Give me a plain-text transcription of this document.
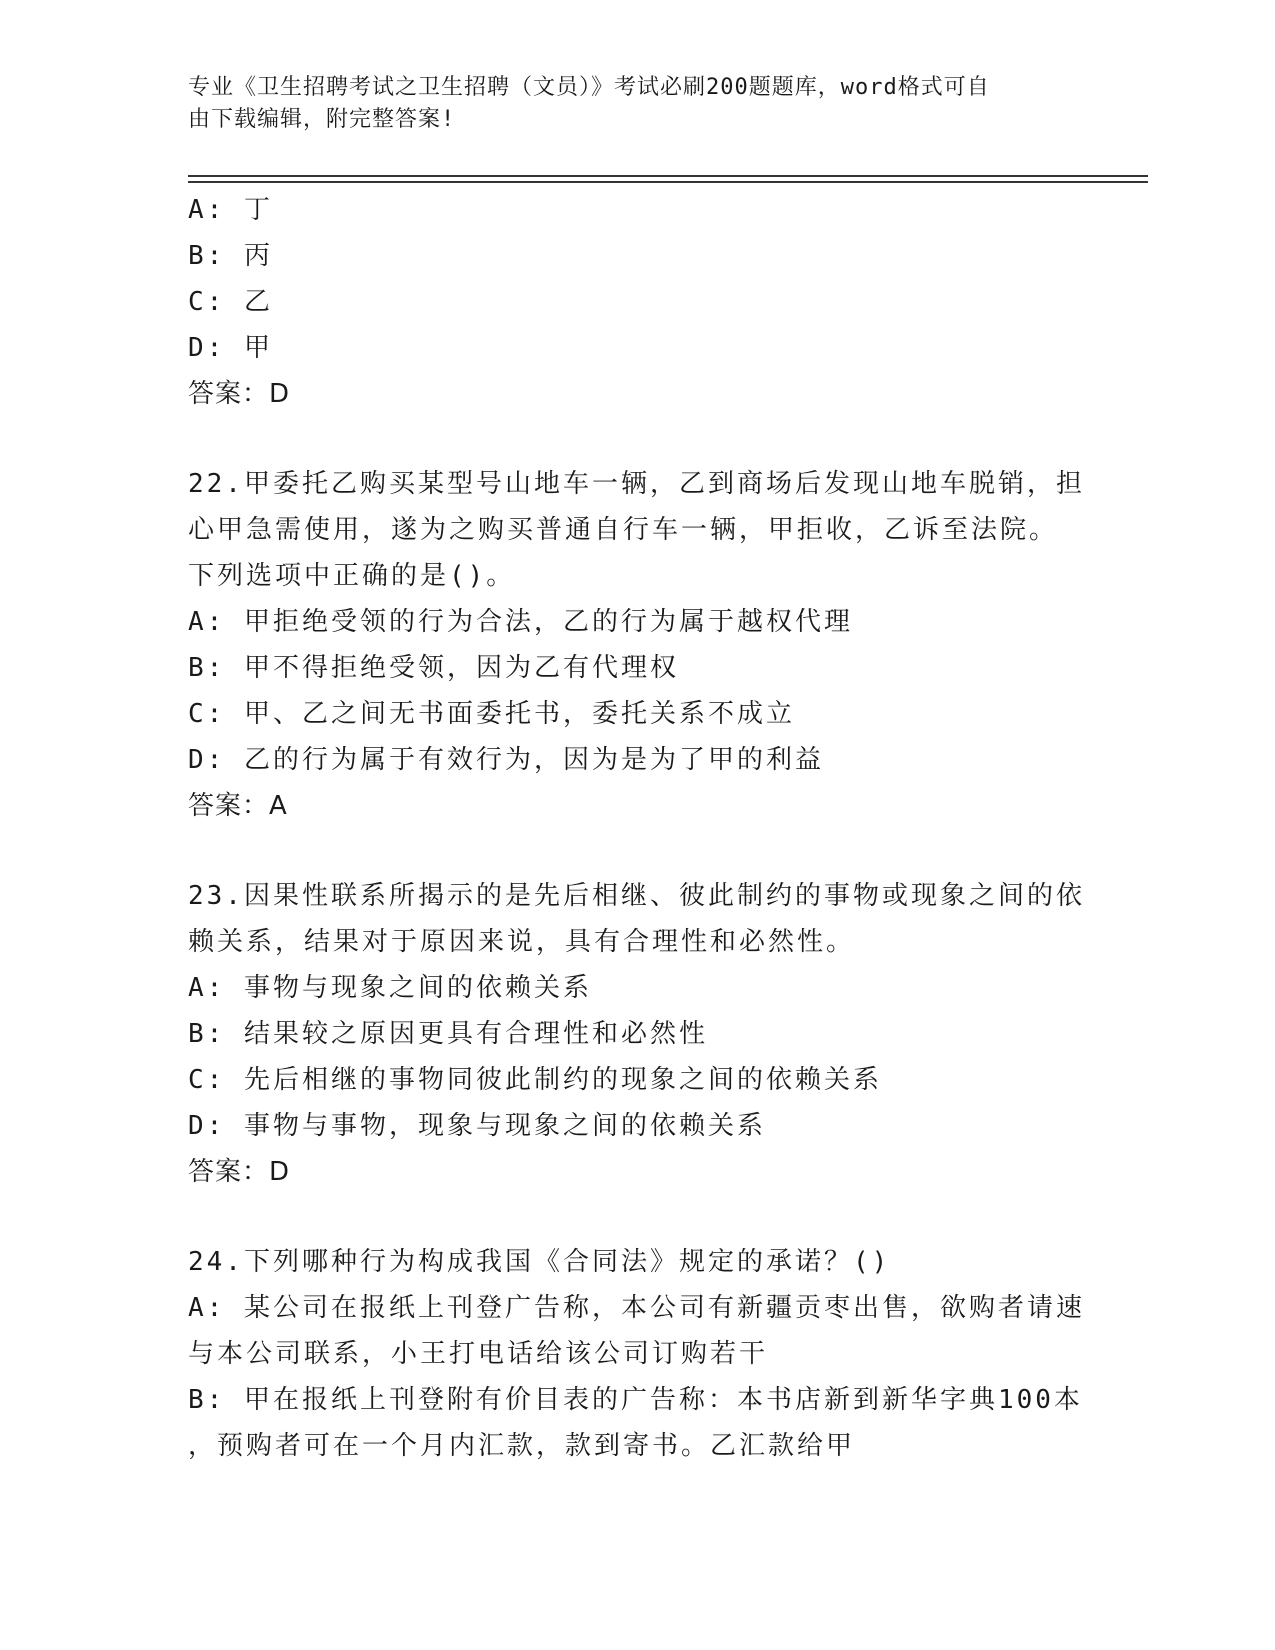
专业《卫生招聘考试之卫生招聘（文员）》考试必刷200题题库，word格式可自
由下载编辑，附完整答案!
A: 丁
B: 丙
C: 乙
D: 甲
答案：D
22.甲委托乙购买某型号山地车一辆，乙到商场后发现山地车脱销，担
心甲急需使用，遂为之购买普通自行车一辆，甲拒收，乙诉至法院。
下列选项中正确的是()。
A: 甲拒绝受领的行为合法，乙的行为属于越权代理
B: 甲不得拒绝受领，因为乙有代理权
C: 甲、乙之间无书面委托书，委托关系不成立
D: 乙的行为属于有效行为，因为是为了甲的利益
答案：A
23.因果性联系所揭示的是先后相继、彼此制约的事物或现象之间的依
赖关系，结果对于原因来说，具有合理性和必然性。
A: 事物与现象之间的依赖关系
B: 结果较之原因更具有合理性和必然性
C: 先后相继的事物同彼此制约的现象之间的依赖关系
D: 事物与事物，现象与现象之间的依赖关系
答案：D
24.下列哪种行为构成我国《合同法》规定的承诺？()
A: 某公司在报纸上刊登广告称，本公司有新疆贡枣出售，欲购者请速
与本公司联系，小王打电话给该公司订购若干
B: 甲在报纸上刊登附有价目表的广告称：本书店新到新华字典100本
，预购者可在一个月内汇款，款到寄书。乙汇款给甲
